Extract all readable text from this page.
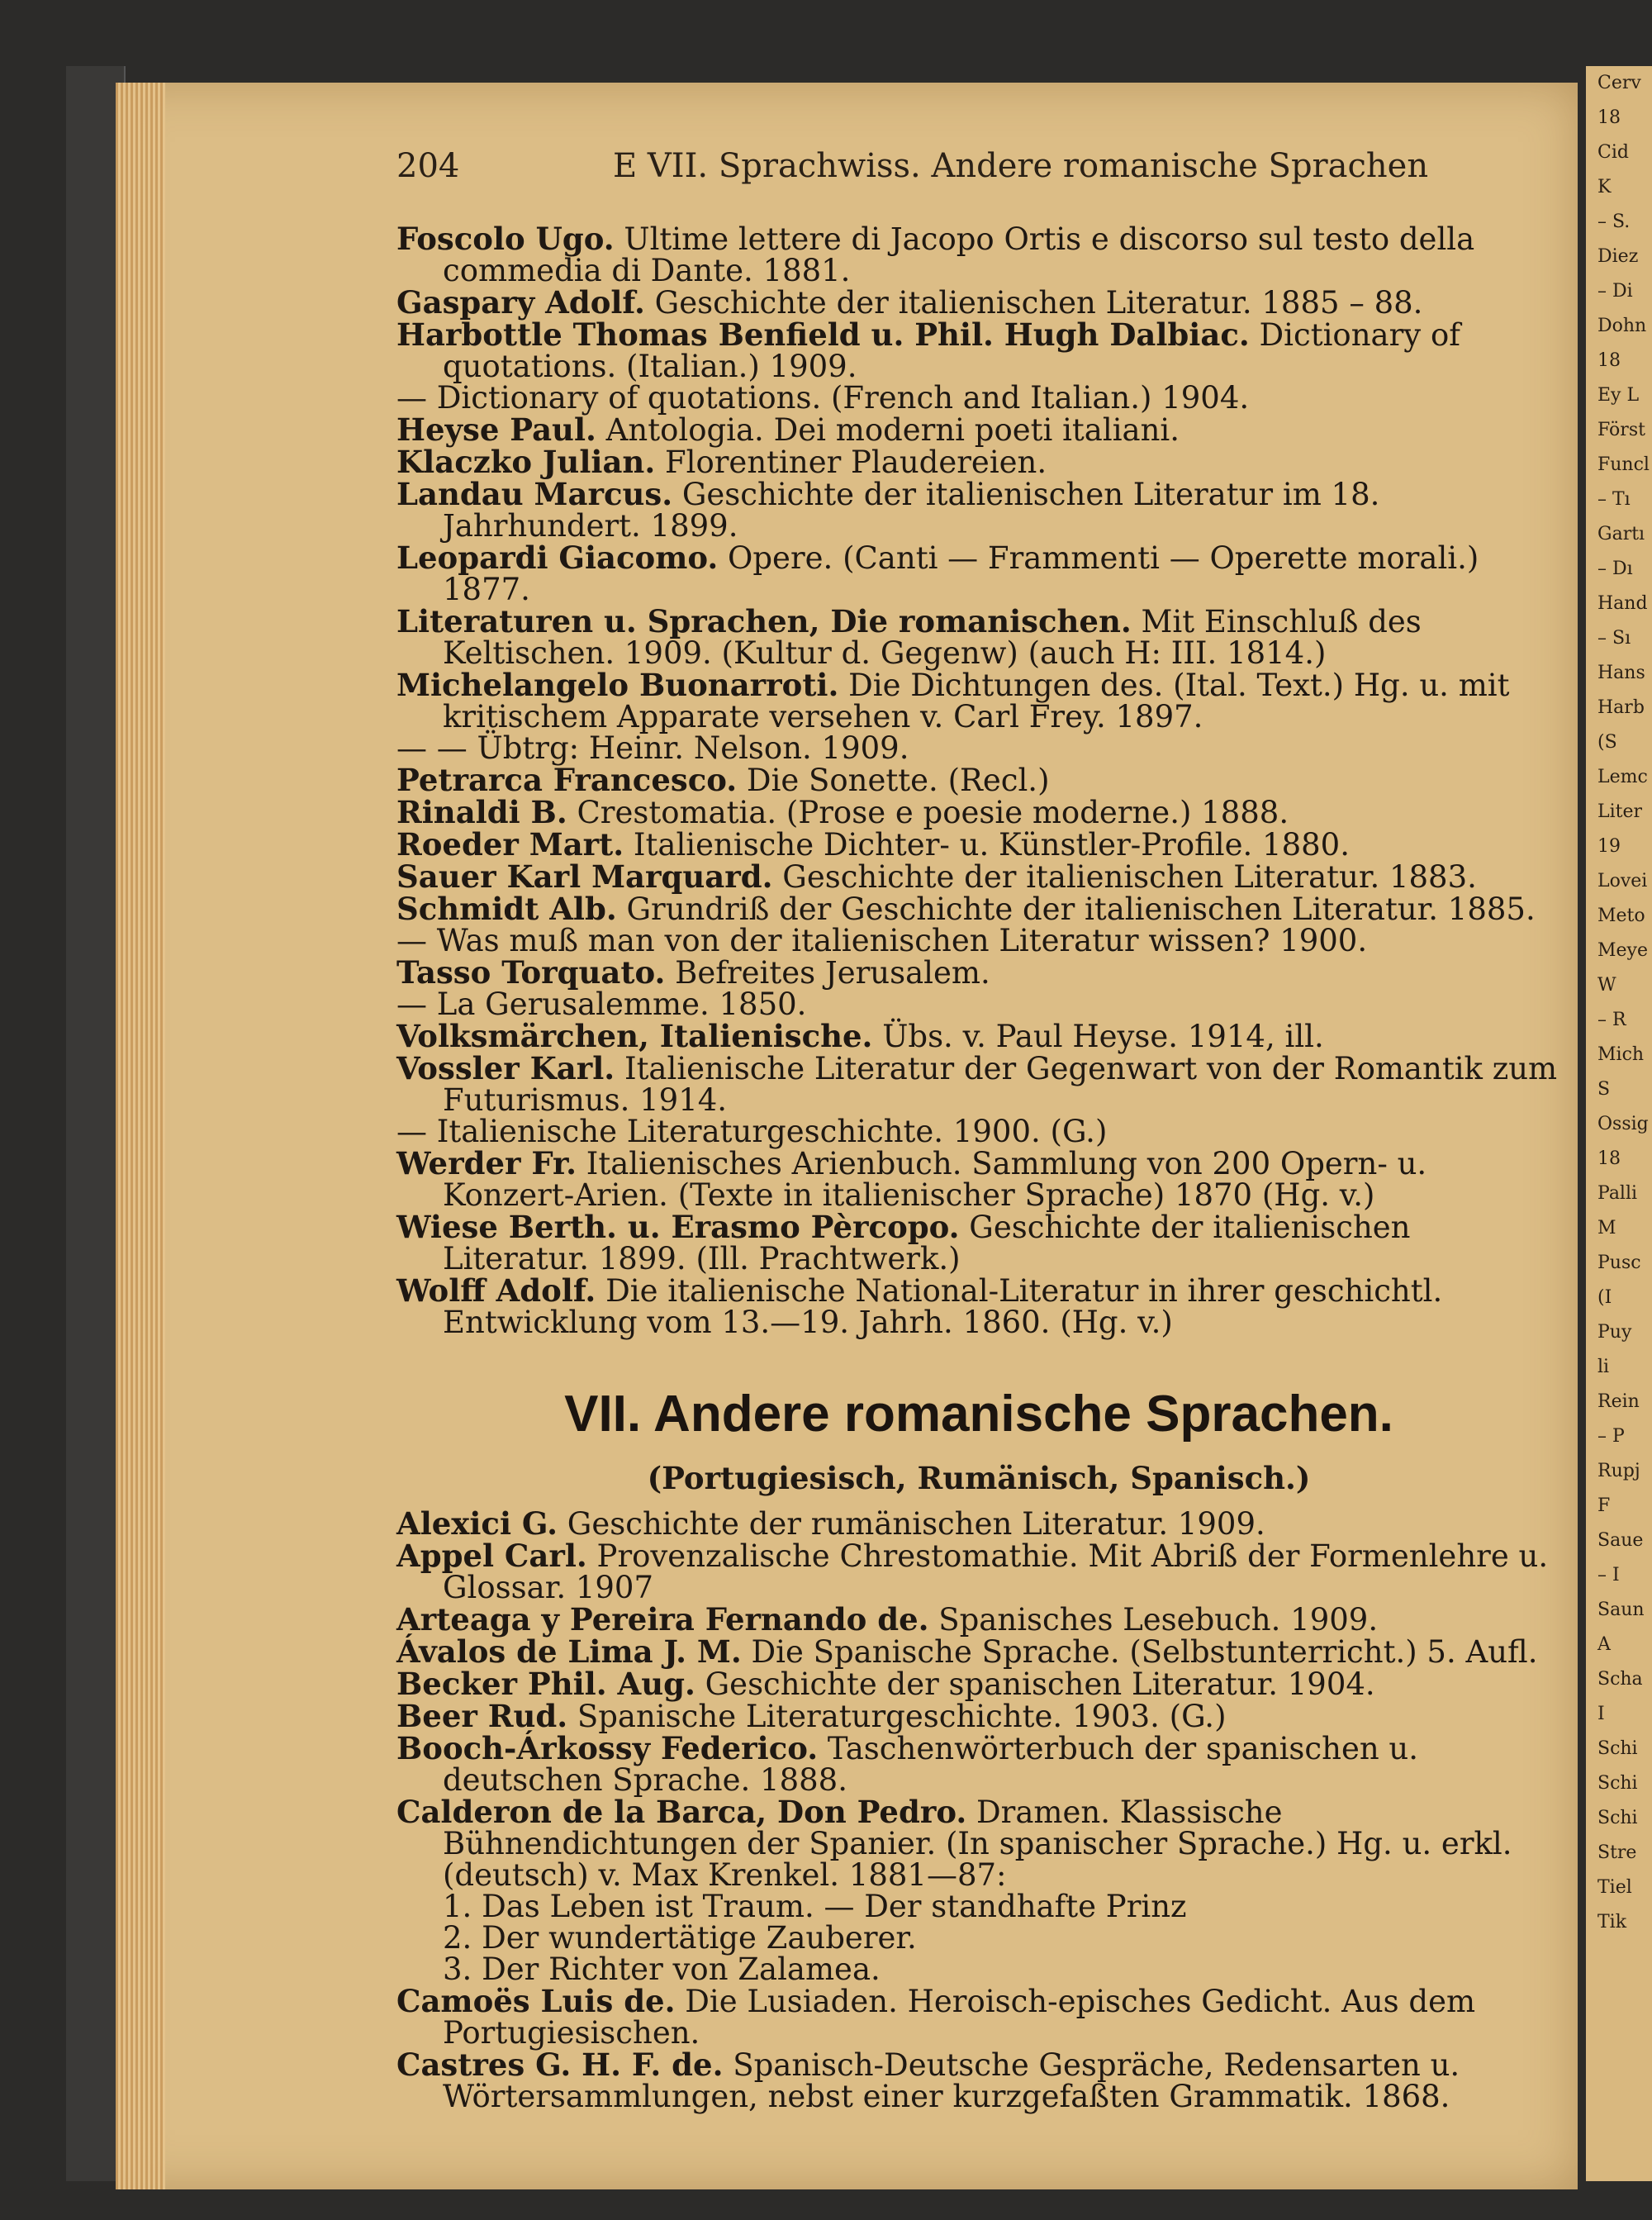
Cerv
18
Cid
K
– S.
Diez
– Di
Dohn
18
Ey L
Först
Funcl
– Tı
Gartı
– Dı
Hand
– Sı
Hans
Harb
(S
Lemc
Liter
19
Lovei
Meto
Meye
W
– R
Mich
S
Ossig
18
Palli
M
Pusc
(I
Puy
li
Rein
– P
Rupj
F
Saue
– I
Saun
A
Scha
I
Schi
Schi
Schi
Stre
Tiel
Tik
204	E VII. Sprachwiss. Andere romanische Sprachen

Foscolo Ugo. Ultime lettere di Jacopo Ortis e discorso sul testo della commedia di Dante. 1881.

Gaspary Adolf. Geschichte der italienischen Literatur. 1885 – 88.

Harbottle Thomas Benfield u. Phil. Hugh Dalbiac. Dictionary of quotations. (Italian.) 1909.

— Dictionary of quotations. (French and Italian.) 1904.

Heyse Paul. Antologia. Dei moderni poeti italiani.

Klaczko Julian. Florentiner Plaudereien.

Landau Marcus. Geschichte der italienischen Literatur im 18. Jahrhundert. 1899.

Leopardi Giacomo. Opere. (Canti — Frammenti — Operette morali.) 1877.

Literaturen u. Sprachen, Die romanischen. Mit Einschluß des Keltischen. 1909. (Kultur d. Gegenw) (auch H: III. 1814.)

Michelangelo Buonarroti. Die Dichtungen des. (Ital. Text.) Hg. u. mit kritischem Apparate versehen v. Carl Frey. 1897.

— — Übtrg: Heinr. Nelson. 1909.

Petrarca Francesco. Die Sonette. (Recl.)

Rinaldi B. Crestomatia. (Prose e poesie moderne.) 1888.

Roeder Mart. Italienische Dichter- u. Künstler-Profile. 1880.

Sauer Karl Marquard. Geschichte der italienischen Literatur. 1883.

Schmidt Alb. Grundriß der Geschichte der italienischen Literatur. 1885.

— Was muß man von der italienischen Literatur wissen? 1900.

Tasso Torquato. Befreites Jerusalem.

— La Gerusalemme. 1850.

Volksmärchen, Italienische. Übs. v. Paul Heyse. 1914, ill.

Vossler Karl. Italienische Literatur der Gegenwart von der Romantik zum Futurismus. 1914.

— Italienische Literaturgeschichte. 1900. (G.)

Werder Fr. Italienisches Arienbuch. Sammlung von 200 Opern- u. Konzert-Arien. (Texte in italienischer Sprache) 1870 (Hg. v.)

Wiese Berth. u. Erasmo Pèrcopo. Geschichte der italienischen Literatur. 1899. (Ill. Prachtwerk.)

Wolff Adolf. Die italienische National-Literatur in ihrer geschichtl. Entwicklung vom 13.—19. Jahrh. 1860. (Hg. v.)

VII. Andere romanische Sprachen.

(Portugiesisch, Rumänisch, Spanisch.)

Alexici G. Geschichte der rumänischen Literatur. 1909.

Appel Carl. Provenzalische Chrestomathie. Mit Abriß der Formenlehre u. Glossar. 1907

Arteaga y Pereira Fernando de. Spanisches Lesebuch. 1909.

Ávalos de Lima J. M. Die Spanische Sprache. (Selbstunterricht.) 5. Aufl.

Becker Phil. Aug. Geschichte der spanischen Literatur. 1904.

Beer Rud. Spanische Literaturgeschichte. 1903. (G.)

Booch-Árkossy Federico. Taschenwörterbuch der spanischen u. deutschen Sprache. 1888.

Calderon de la Barca, Don Pedro. Dramen. Klassische Bühnendichtungen der Spanier. (In spanischer Sprache.) Hg. u. erkl. (deutsch) v. Max Krenkel. 1881—87:

1. Das Leben ist Traum. — Der standhafte Prinz

2. Der wundertätige Zauberer.

3. Der Richter von Zalamea.

Camoës Luis de. Die Lusiaden. Heroisch-episches Gedicht. Aus dem Portugiesischen.

Castres G. H. F. de. Spanisch-Deutsche Gespräche, Redensarten u. Wörtersammlungen, nebst einer kurzgefaßten Grammatik. 1868.
